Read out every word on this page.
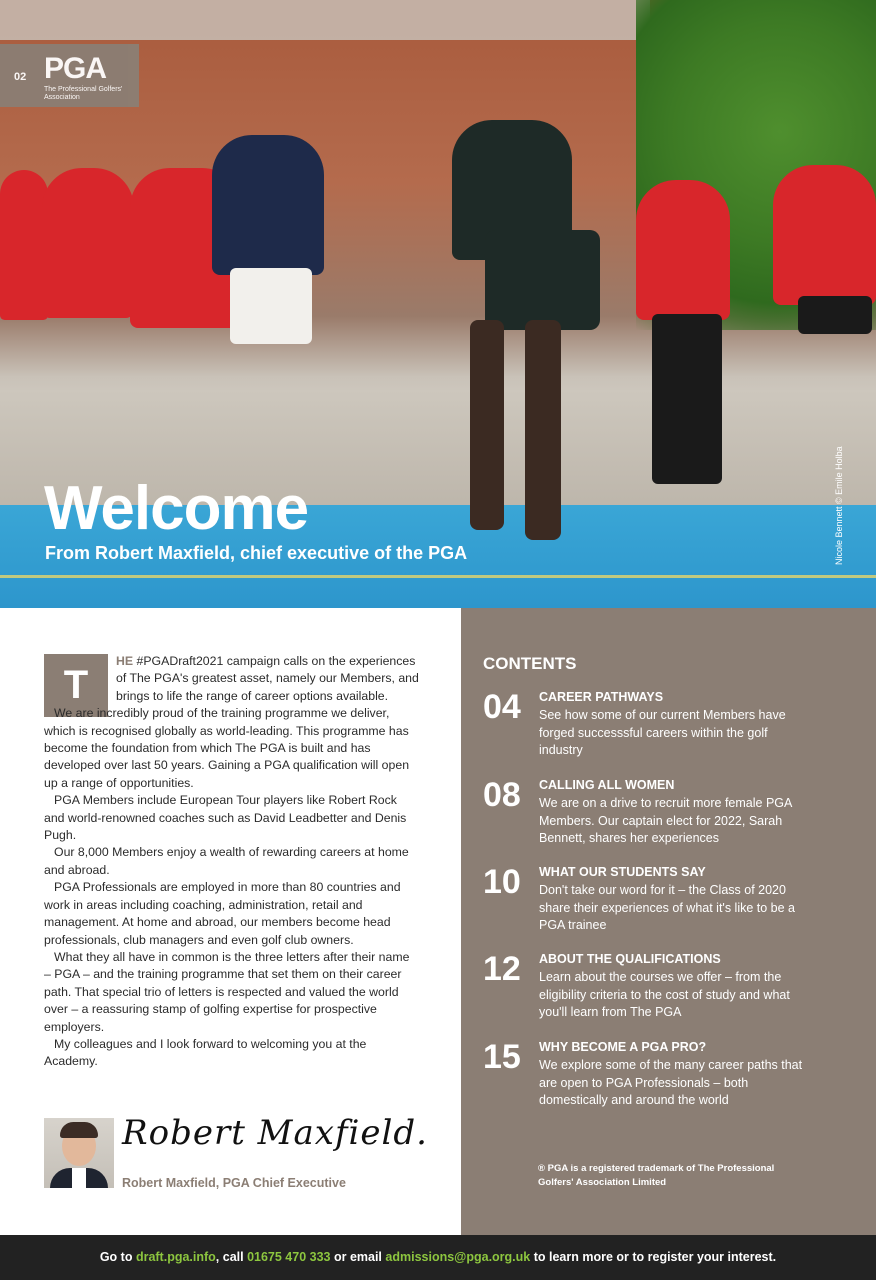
02 PGA
The Professional Golfers' Association
Welcome
From Robert Maxfield, chief executive of the PGA	Nicole Bennett © Emile Holba
T

HE #PGADraft2021 campaign calls on the experiences of The PGA's greatest asset, namely our Members, and brings to life the range of career options available.

We are incredibly proud of the training programme we deliver, which is recognised globally as world-leading. This programme has become the foundation from which The PGA is built and has developed over last 50 years. Gaining a PGA qualification will open up a range of opportunities.

PGA Members include European Tour players like Robert Rock and world-renowned coaches such as David Leadbetter and Denis Pugh.

Our 8,000 Members enjoy a wealth of rewarding careers at home and abroad.

PGA Professionals are employed in more than 80 countries and work in areas including coaching, administration, retail and management. At home and abroad, our members become head professionals, club managers and even golf club owners.

What they all have in common is the three letters after their name – PGA – and the training programme that set them on their career path. That special trio of letters is respected and valued the world over – a reassuring stamp of golfing expertise for prospective employers.

My colleagues and I look forward to welcoming you at the Academy.

Robert Maxfield.
Robert Maxfield, PGA Chief Executive
CONTENTS
04 CAREER PATHWAYS
See how some of our current Members have forged successsful careers within the golf industry
08 CALLING ALL WOMEN
We are on a drive to recruit more female PGA Members. Our captain elect for 2022, Sarah Bennett, shares her experiences
10 WHAT OUR STUDENTS SAY
Don't take our word for it – the Class of 2020 share their experiences of what it's like to be a PGA trainee
12 ABOUT THE QUALIFICATIONS
Learn about the courses we offer – from the eligibility criteria to the cost of study and what you'll learn from The PGA
15 WHY BECOME A PGA PRO?
We explore some of the many career paths that are open to PGA Professionals – both domestically and around the world
® PGA is a registered trademark of The Professional Golfers' Association Limited
Go to draft.pga.info, call 01675 470 333 or email admissions@pga.org.uk to learn more or to register your interest.
